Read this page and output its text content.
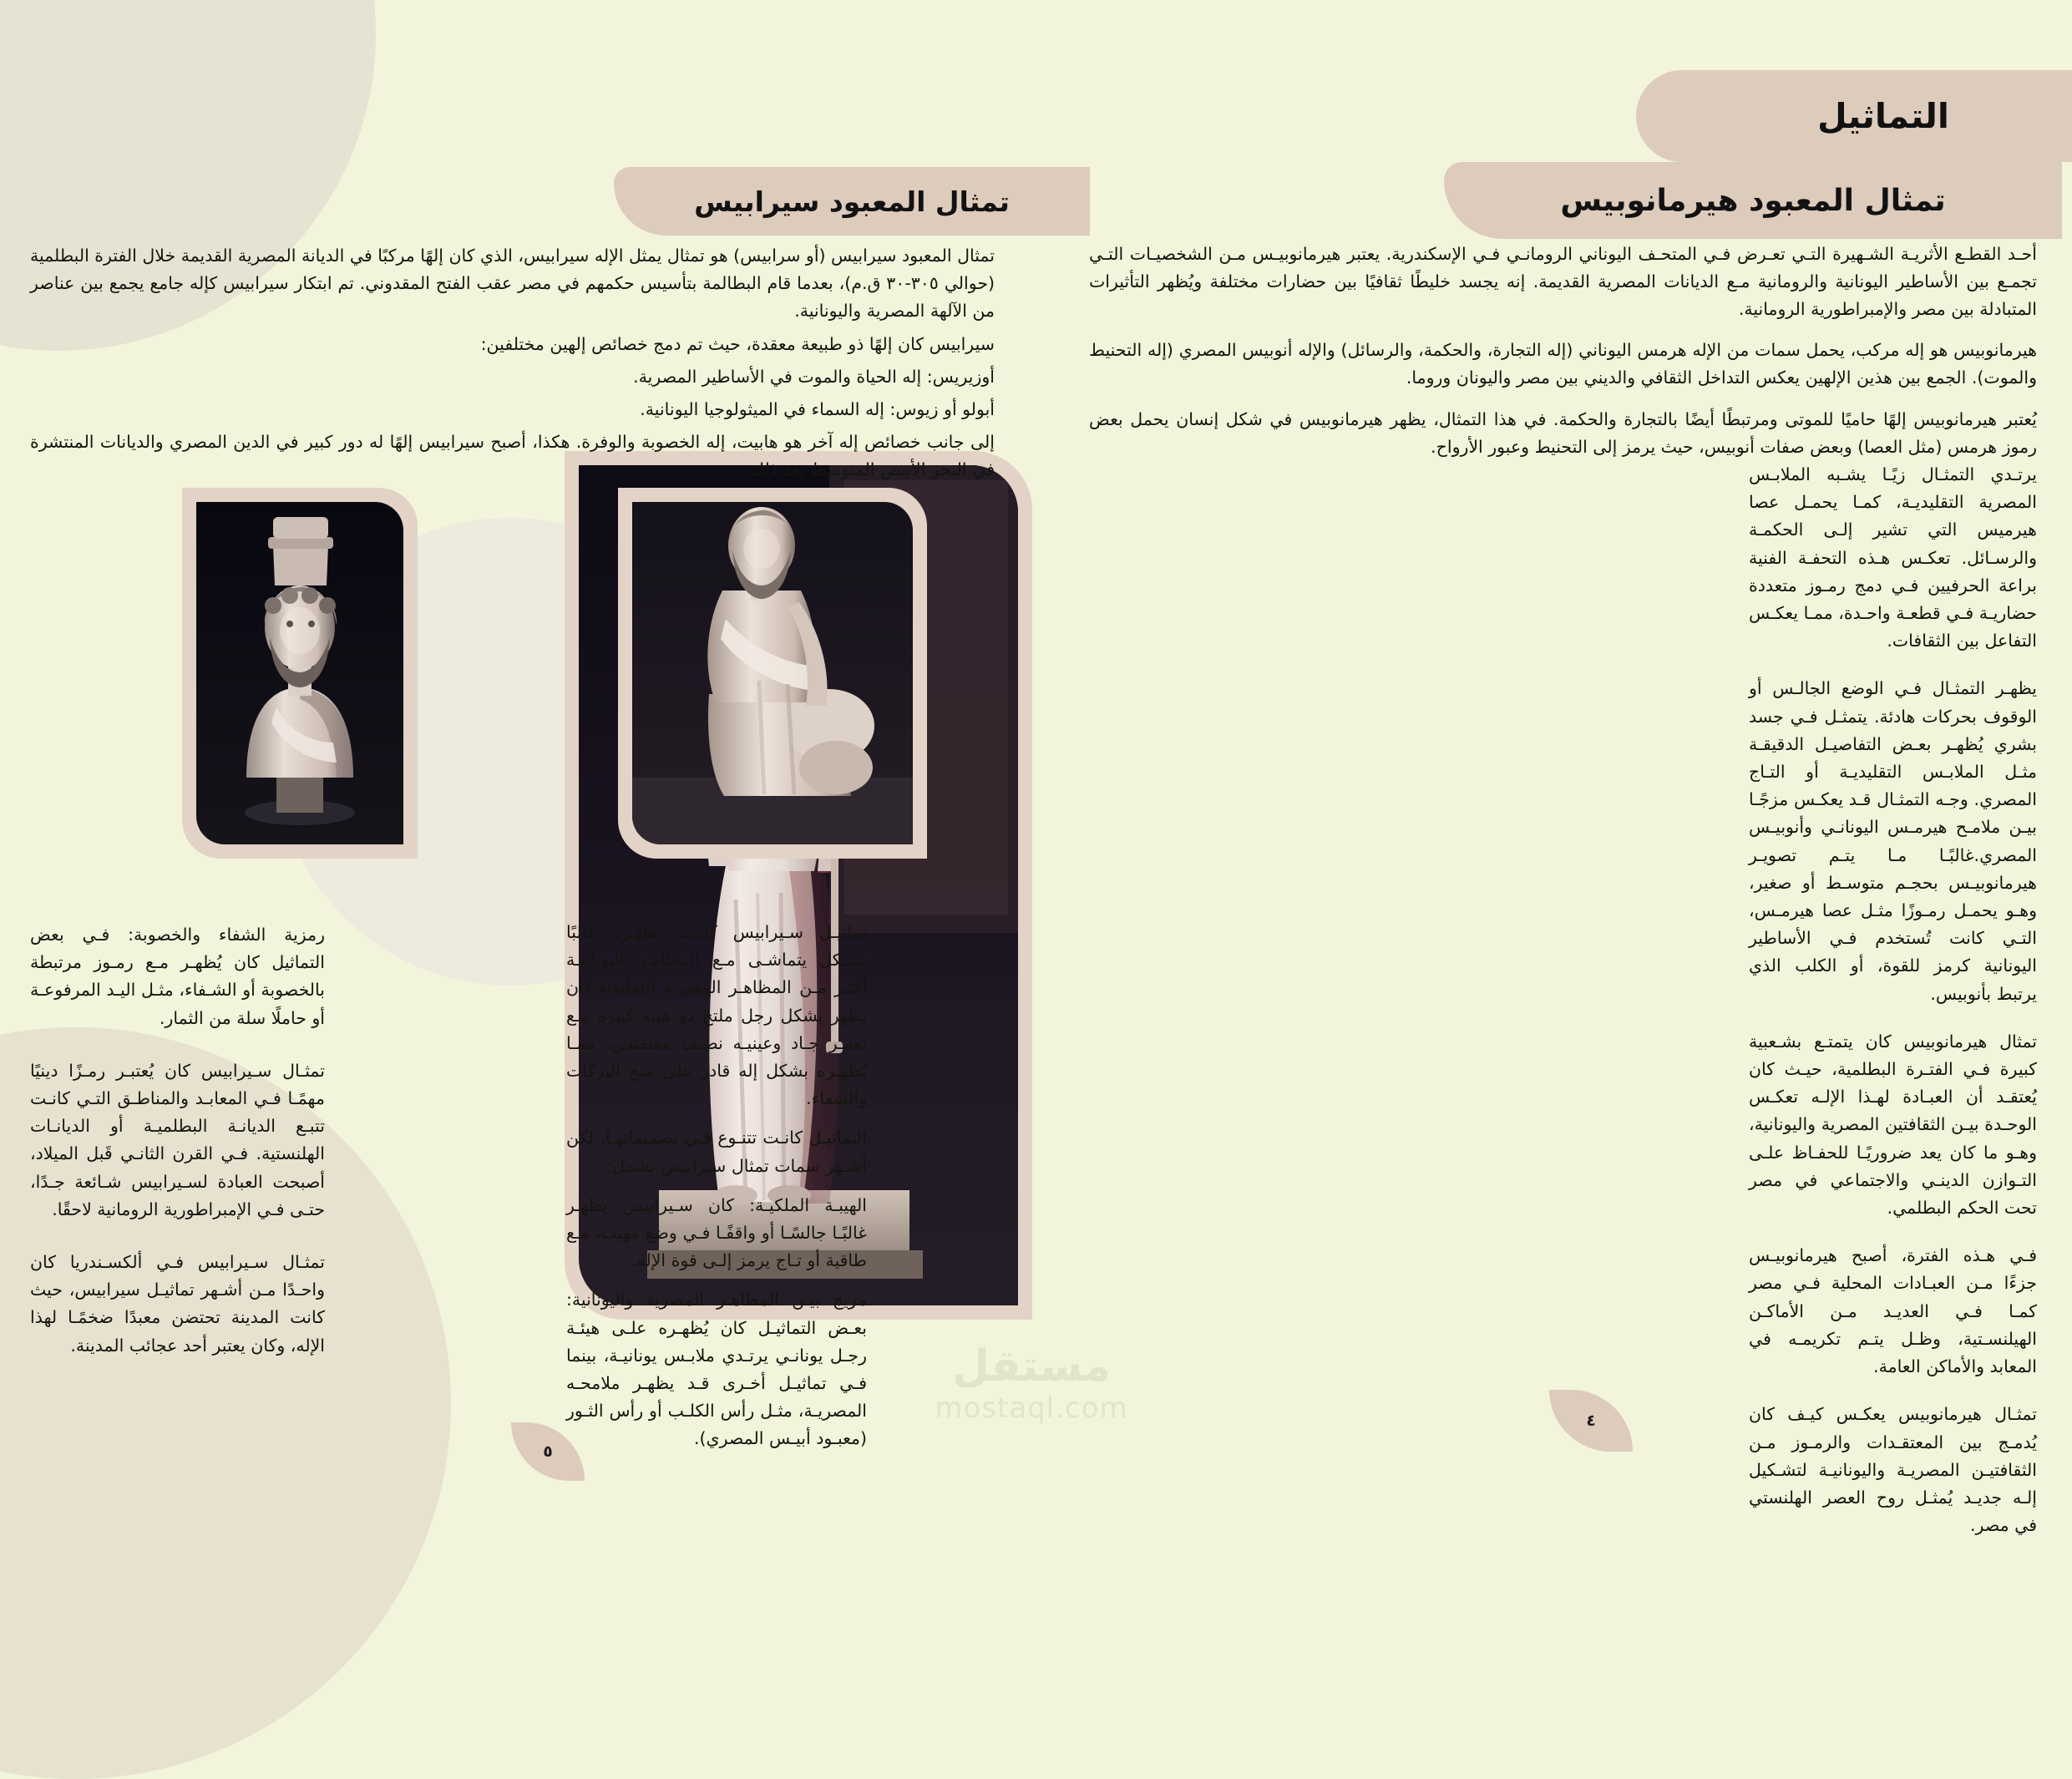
التماثيل
تمثال المعبود هيرمانوبيس

أحـد القطـع الأثريـة الشـهيرة التـي تعـرض فـي المتحـف اليوناني الرومانـي فـي الإسكندرية. يعتبر هيرمانوبيـس مـن الشخصيـات التـي تجمـع بين الأساطير اليونانية والرومانية مـع الديانات المصرية القديمة. إنه يجسد خليطًا ثقافيًا بين حضارات مختلفة ويُظهر التأثيرات المتبادلة بين مصر والإمبراطورية الرومانية.

هيرمانوبيس هو إله مركب، يحمل سمات من الإله هرمس اليوناني (إله التجارة، والحكمة، والرسائل) والإله أنوبيس المصري (إله التحنيط والموت). الجمع بين هذين الإلهين يعكس التداخل الثقافي والديني بين مصر واليونان وروما.

يُعتبر هيرمانوبيس إلهًا حاميًا للموتى ومرتبطًا أيضًا بالتجارة والحكمة. في هذا التمثال، يظهر هيرمانوبيس في شكل إنسان يحمل بعض رموز هرمس (مثل العصا) وبعض صفات أنوبيس، حيث يرمز إلى التحنيط وعبور الأرواح.

يرتـدي التمثـال زيًـا يشـبه الملابـس المصرية التقليديـة، كمـا يحمـل عصا هيرميس التي تشير إلـى الحكمـة والرسـائل. تعكـس هـذه التحفـة الفنية براعة الحرفيين فـي دمج رمـوز متعددة حضاريـة فـي قطعـة واحـدة، ممـا يعكـس التفاعل بين الثقافات.

يظهـر التمثـال فـي الوضع الجالـس أو الوقوف بحركات هادئة. يتمثـل فـي جسد بشري يُظهـر بعـض التفاصيـل الدقيقـة مثـل الملابـس التقليديـة أو التـاج المصري. وجـه التمثـال قـد يعكـس مزجًـا بيـن ملامـح هيرمـس اليونانـي وأنوبيـس المصري.غالبًـا مـا يتـم تصويـر هيرمانوبيـس بحجـم متوسـط أو صغير، وهـو يحمـل رمـوزًا مثـل عصا هيرمـس، التـي كانت تُستخدم فـي الأساطير اليونانية كرمز للقوة، أو الكلب الذي يرتبط بأنوبيس.

تمثال هيرمانوبيس كان يتمتـع بشـعبية كبيرة فـي الفتـرة البطلمية، حيـث كان يُعتقـد أن العبـادة لهـذا الإلـه تعكـس الوحـدة بيـن الثقافتين المصرية واليونانية، وهـو ما كان يعد ضروريًـا للحفـاظ علـى التـوازن الدينـي والاجتماعي في مصر تحت الحكم البطلمي.

فـي هـذه الفترة، أصبح هيرمانوبيـس جزءًا مـن العبـادات المحلية فـي مصر كمـا فـي العديـد مـن الأماكـن الهيلنسـتية، وظـل يتـم تكريمـه في المعابد والأماكن العامة.

تمثـال هيرمانوبيس يعكـس كيـف كان يُدمـج بين المعتقـدات والرمـوز مـن الثقافتيـن المصريـة واليونانيـة لتشـكيل إلـه جديـد يُمثـل روح العصر الهلنستي في مصر.

تمثال المعبود سيرابيس

تمثال المعبود سيرابيس (أو سرابيس) هو تمثال يمثل الإله سيرابيس، الذي كان إلهًا مركبًا في الديانة المصرية القديمة خلال الفترة البطلمية (حوالي ٣٠٥-٣٠ ق.م)، بعدما قام البطالمة بتأسيس حكمهم في مصر عقب الفتح المقدوني. تم ابتكار سيرابيس كإله جامع يجمع بين عناصر من الآلهة المصرية واليونانية.

سيرابيس كان إلهًا ذو طبيعة معقدة، حيث تم دمج خصائص إلهين مختلفين:

أوزيريس: إله الحياة والموت في الأساطير المصرية.

أبولو أو زيوس: إله السماء في الميثولوجيا اليونانية.

إلى جانب خصائص إله آخر هو هابيت، إله الخصوبة والوفرة. هكذا، أصبح سيرابيس إلهًا له دور كبير في الدين المصري والديانات المنتشرة في البحر الأبيض المتوسط بعد ذلك.

رمزية الشفاء والخصوبة: فـي بعض التماثيل كان يُظهـر مـع رمـوز مرتبطة بالخصوبة أو الشـفاء، مثـل اليـد المرفوعـة أو حاملًا سلة من الثمار.

تمثـال سـيرابيس كان يُعتبـر رمـزًا دينيًا مهمًـا فـي المعابـد والمناطـق التـي كانـت تتبـع الديانـة البطلميـة أو الديانـات الهلنستية. فـي القرن الثانـي قَبل الميلاد، أصبحت العبادة لسـيرابيس شـائعة جـدًا، حتـى فـي الإمبراطورية الرومانية لاحقًا.

تمثـال سـيرابيس فـي ألكسـندريا كان واحـدًا مـن أشـهر تماثيـل سيرابيس، حيث كانت المدينة تحتضن معبدًا ضخمًـا لهذا الإله، وكان يعتبر أحد عجائب المدينة.

تماثيـل سـيرابيس كانـت تُظهـره غالبًا بشـكل يتماشـى مـع المظاهـر اليونانيـة أكثـر مـن المظاهـر المصرية التقليدية.كان يظهر بشكل رجل ملتح ذو هيبة كبيرة مـع تعبيـر جـاد وعينيـه نصـف مغلقتيـن، ممـا يُظهـره بشكل إله قادر على منح البركات والشفاء.

التماثيـل كانـت تتنـوع فـي تصميماتهـا، لكن أشـهر سمات تمثال سيرابيس تشمل:

الهيبـة الملكيـة: كان سـيرابيس يظهـر غالبًـا جالسًـا أو واقفًـا فـي وضع مهيب، مـع طاقية أو تـاج يرمز إلـى قوة الإله.

مزيج بيـن المظاهـر المصرية واليونانية: بعـض التماثيـل كان يُظهـره علـى هيئـة رجـل يونانـي يرتـدي ملابـس يونانيـة، بينما فـي تماثيـل أخـرى قـد يظهـر ملامحـه المصريـة، مثـل رأس الكلـب أو رأس الثـور (معبـود أبيـس المصري).

٥
٤
مستقل
mostaql.com
